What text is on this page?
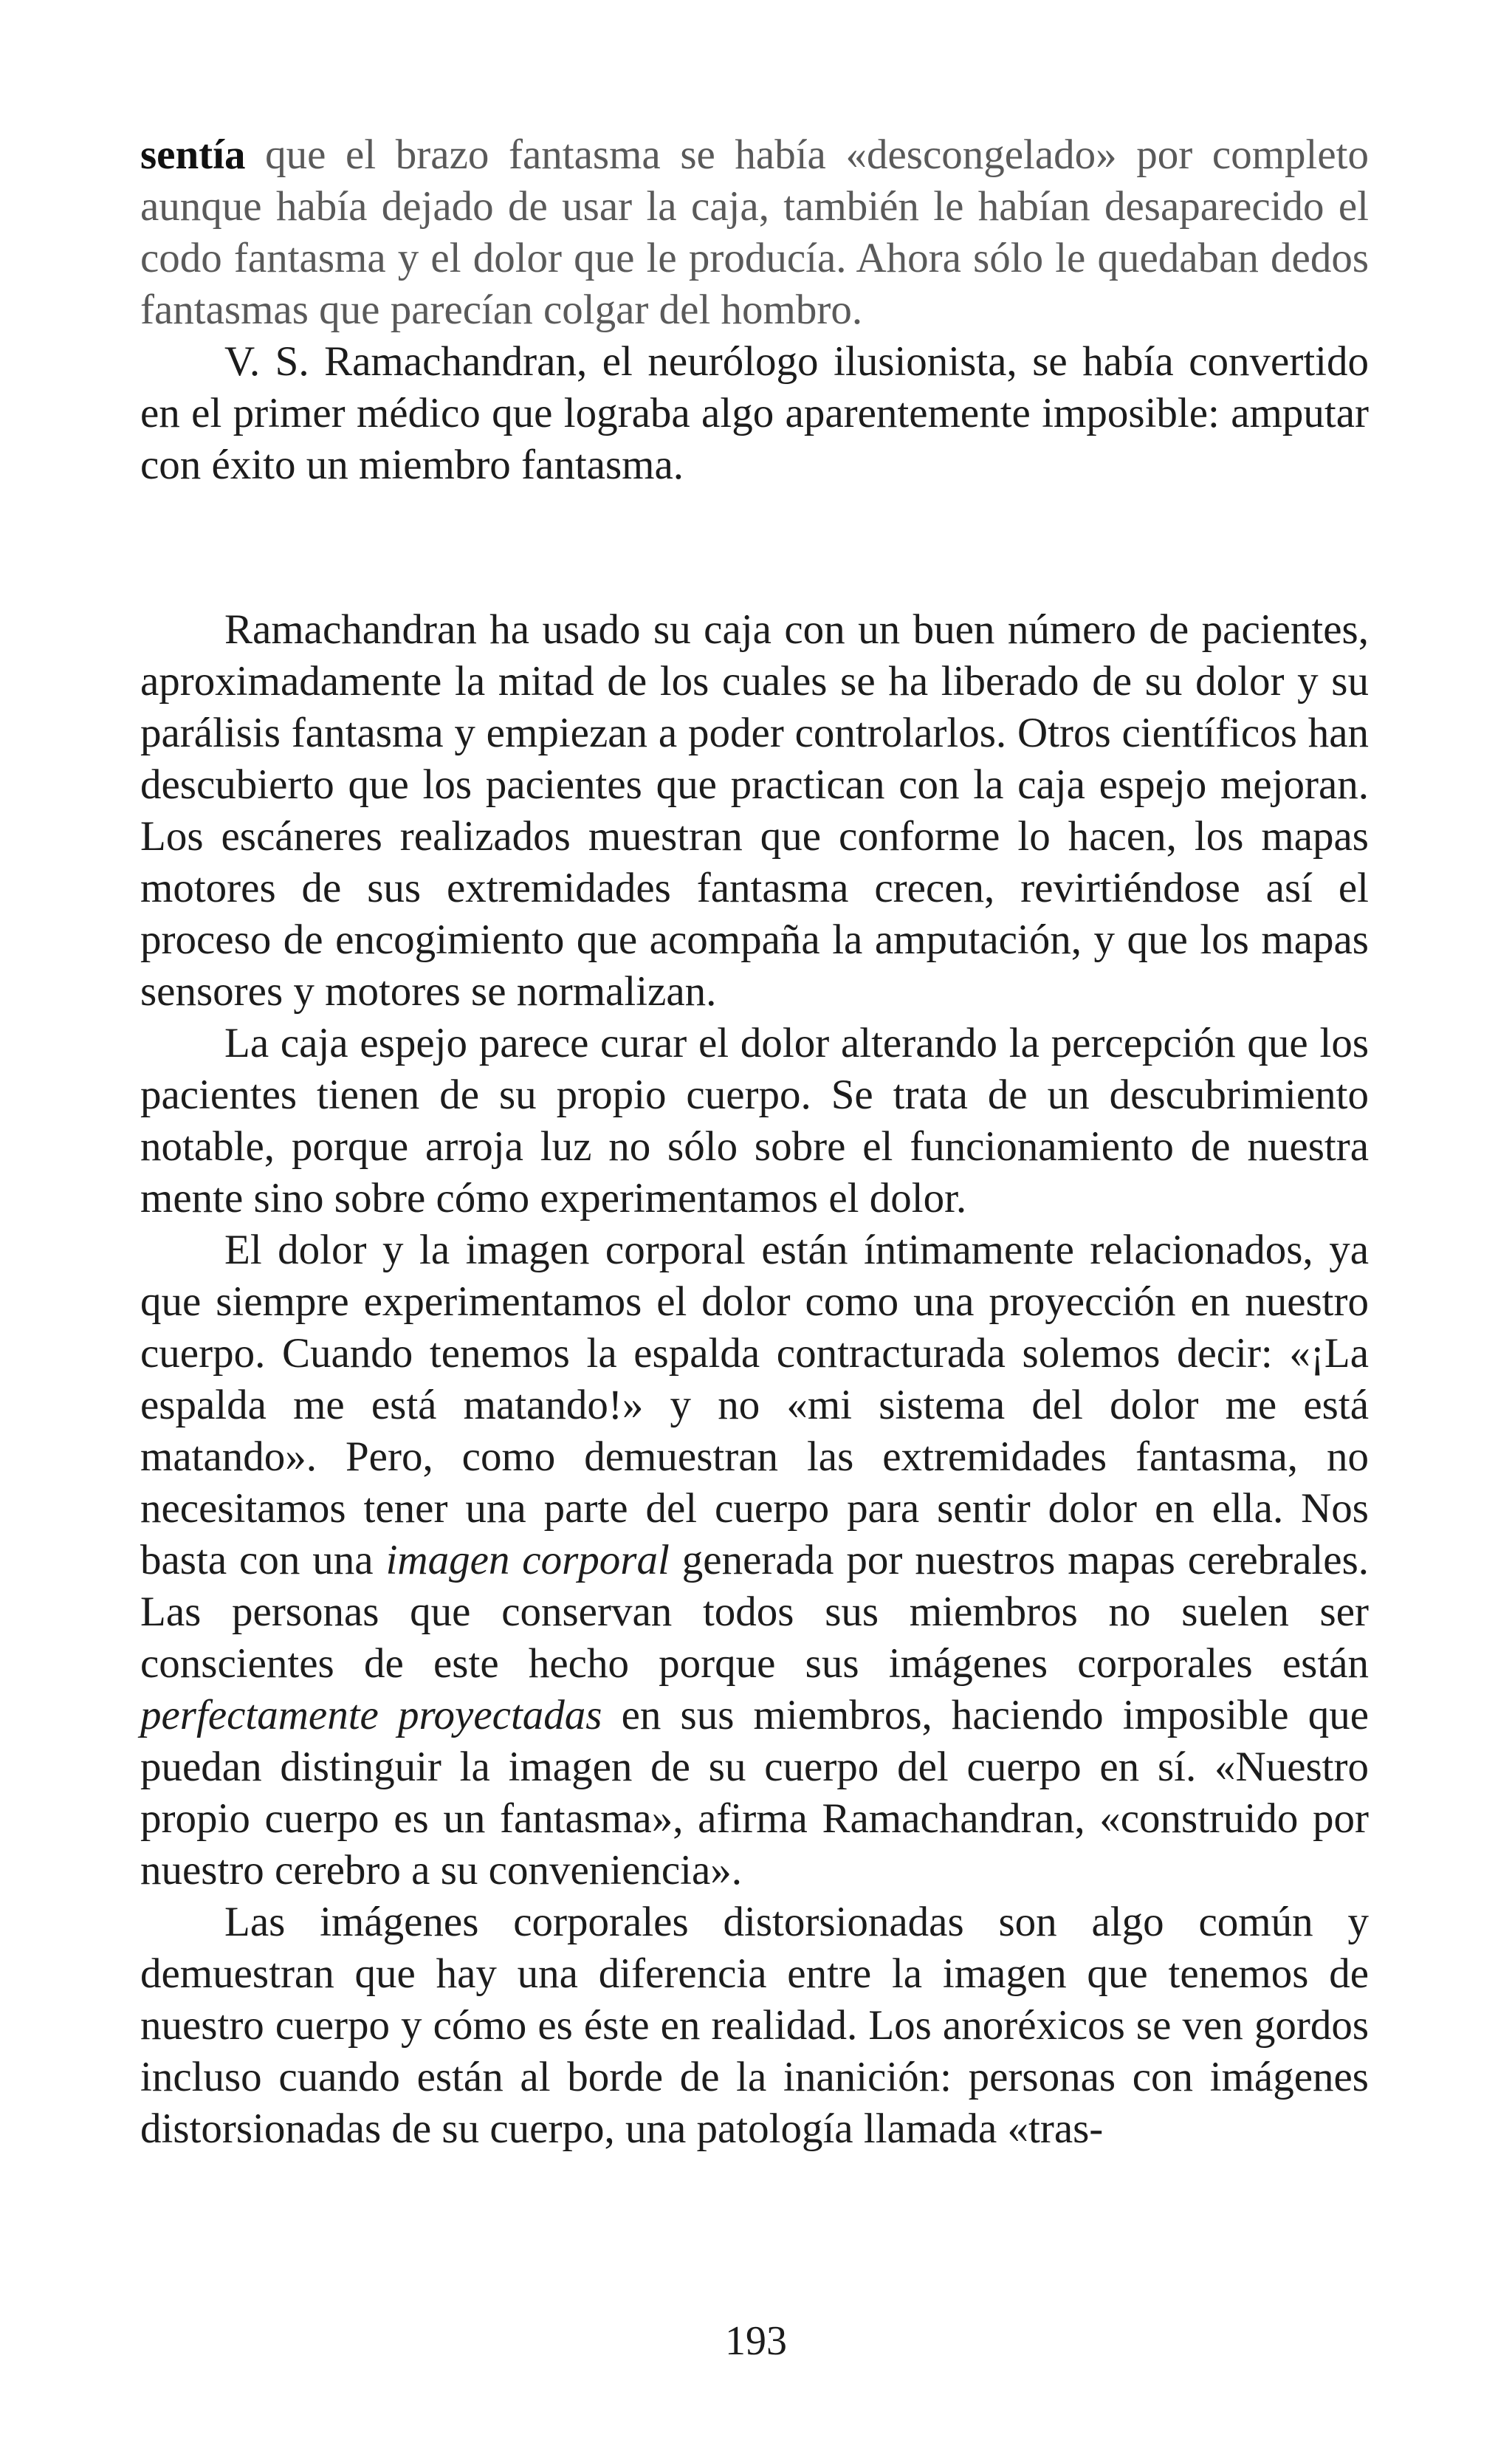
sentía que el brazo fantasma se había «descongelado» por completo aunque había dejado de usar la caja, también le habían desaparecido el codo fantasma y el dolor que le producía. Ahora sólo le quedaban dedos fantasmas que parecían colgar del hombro.

V. S. Ramachandran, el neurólogo ilusionista, se había convertido en el primer médico que lograba algo aparentemente imposible: amputar con éxito un miembro fantasma.

Ramachandran ha usado su caja con un buen número de pacientes, aproximadamente la mitad de los cuales se ha liberado de su dolor y su parálisis fantasma y empiezan a poder controlarlos. Otros científicos han descubierto que los pacientes que practican con la caja espejo mejoran. Los escáneres realizados muestran que conforme lo hacen, los mapas motores de sus extremidades fantasma crecen, revirtiéndose así el proceso de encogimiento que acompaña la amputación, y que los mapas sensores y motores se normalizan.

La caja espejo parece curar el dolor alterando la percepción que los pacientes tienen de su propio cuerpo. Se trata de un descubrimiento notable, porque arroja luz no sólo sobre el funcionamiento de nuestra mente sino sobre cómo experimentamos el dolor.

El dolor y la imagen corporal están íntimamente relacionados, ya que siempre experimentamos el dolor como una proyección en nuestro cuerpo. Cuando tenemos la espalda contracturada solemos decir: «¡La espalda me está matando!» y no «mi sistema del dolor me está matando». Pero, como demuestran las extremidades fantasma, no necesitamos tener una parte del cuerpo para sentir dolor en ella. Nos basta con una imagen corporal generada por nuestros mapas cerebrales. Las personas que conservan todos sus miembros no suelen ser conscientes de este hecho porque sus imágenes corporales están perfectamente proyectadas en sus miembros, haciendo imposible que puedan distinguir la imagen de su cuerpo del cuerpo en sí. «Nuestro propio cuerpo es un fantasma», afirma Ramachandran, «construido por nuestro cerebro a su conveniencia».

Las imágenes corporales distorsionadas son algo común y demuestran que hay una diferencia entre la imagen que tenemos de nuestro cuerpo y cómo es éste en realidad. Los anoréxicos se ven gordos incluso cuando están al borde de la inanición: personas con imágenes distorsionadas de su cuerpo, una patología llamada «tras-

193
